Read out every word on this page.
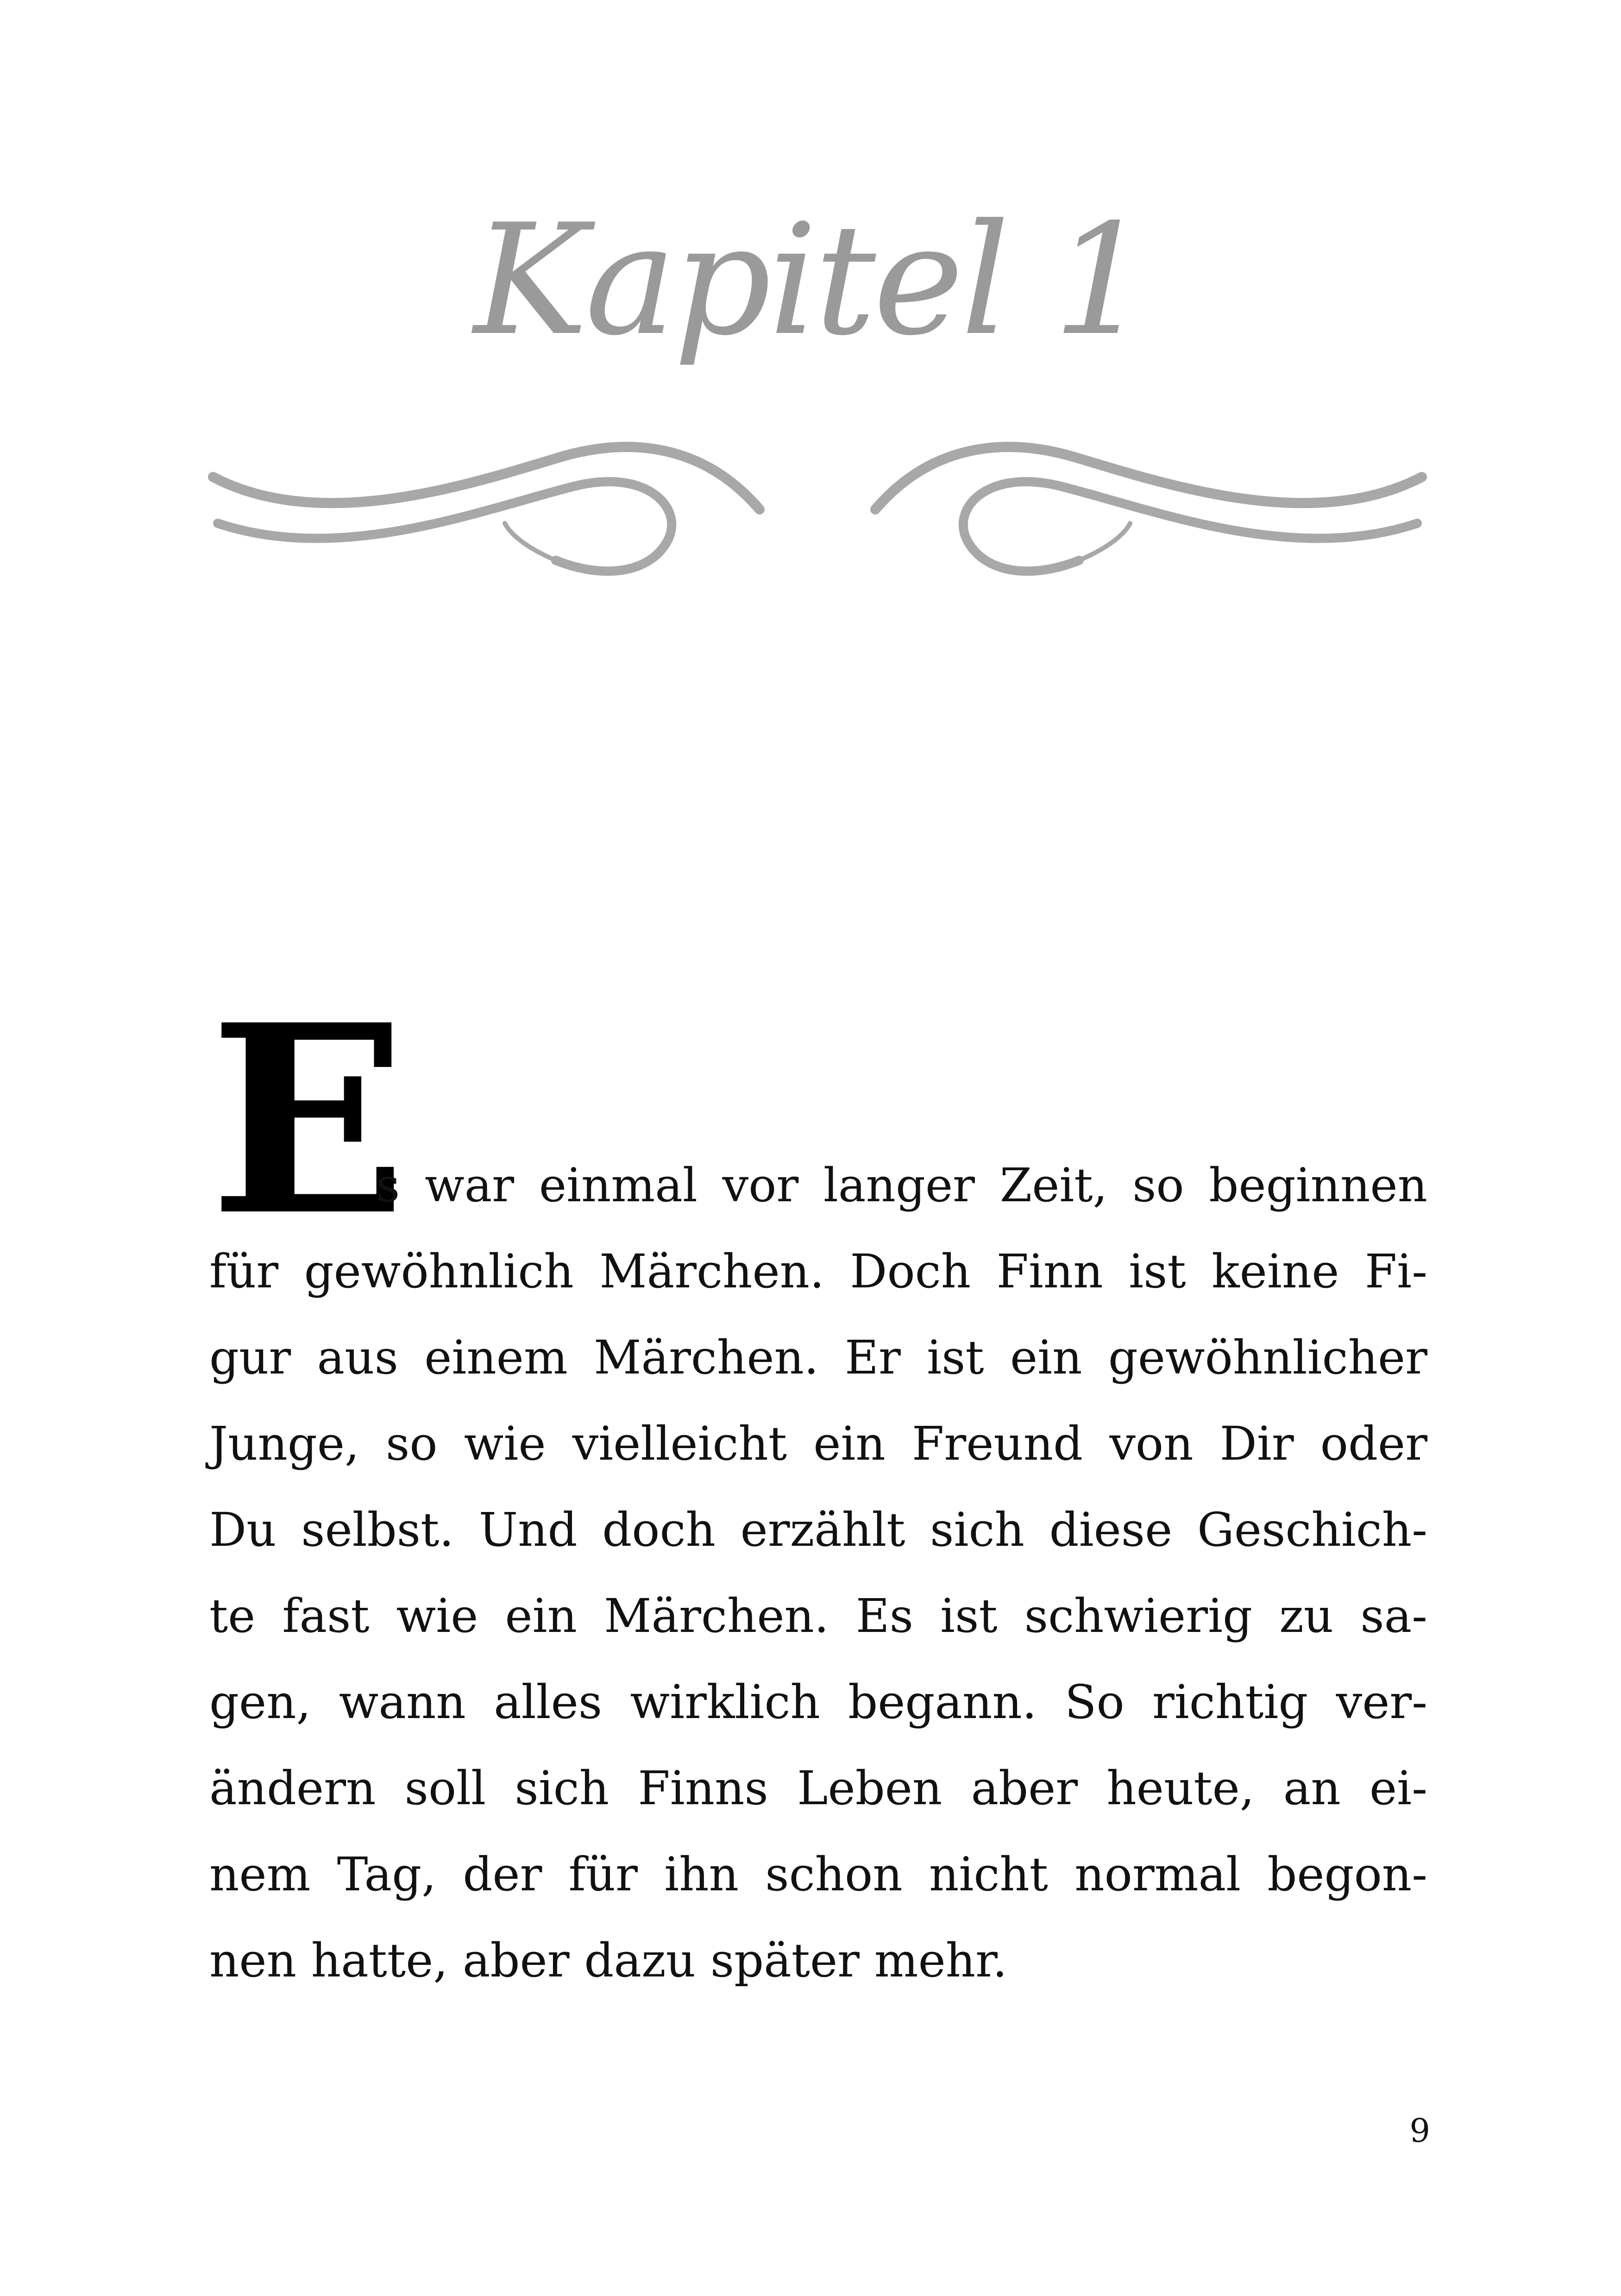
Kapitel 1
E
s war einmal vor langer Zeit, so beginnen
für gewöhnlich Märchen. Doch Finn ist keine Fi-
gur aus einem Märchen. Er ist ein gewöhnlicher
Junge, so wie vielleicht ein Freund von Dir oder
Du selbst. Und doch erzählt sich diese Geschich-
te fast wie ein Märchen. Es ist schwierig zu sa-
gen, wann alles wirklich begann. So richtig ver-
ändern soll sich Finns Leben aber heute, an ei-
nem Tag, der für ihn schon nicht normal begon-
nen hatte, aber dazu später mehr.
9
